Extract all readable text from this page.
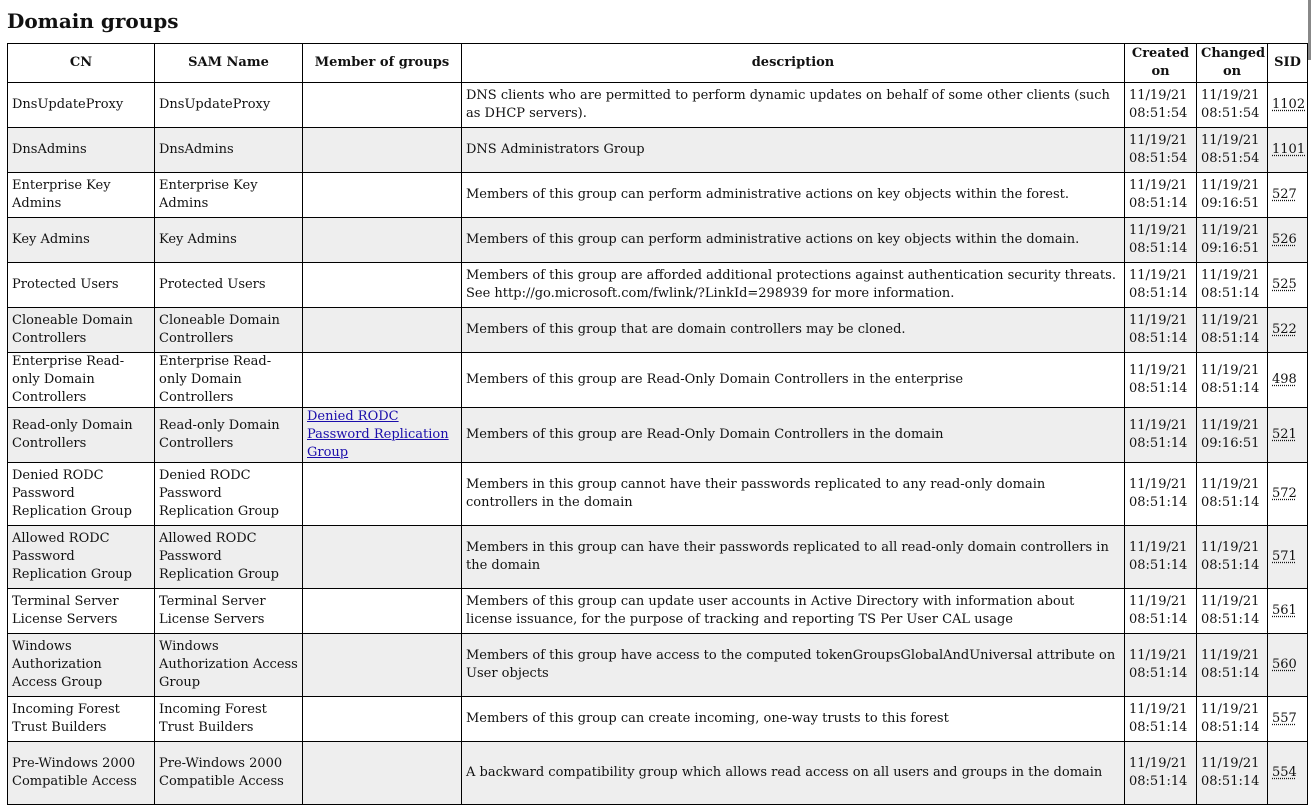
Domain groups
CN	SAM Name	Member of groups	description	Created on	Changed on	SID
DnsUpdateProxy	DnsUpdateProxy		DNS clients who are permitted to perform dynamic updates on behalf of some other clients (such as DHCP servers).	11/19/21 08:51:54	11/19/21 08:51:54	1102
DnsAdmins	DnsAdmins		DNS Administrators Group	11/19/21 08:51:54	11/19/21 08:51:54	1101
Enterprise Key Admins	Enterprise Key Admins		Members of this group can perform administrative actions on key objects within the forest.	11/19/21 08:51:14	11/19/21 09:16:51	527
Key Admins	Key Admins		Members of this group can perform administrative actions on key objects within the domain.	11/19/21 08:51:14	11/19/21 09:16:51	526
Protected Users	Protected Users		Members of this group are afforded additional protections against authentication security threats. See http://go.microsoft.com/fwlink/?LinkId=298939 for more information.	11/19/21 08:51:14	11/19/21 08:51:14	525
Cloneable Domain Controllers	Cloneable Domain Controllers		Members of this group that are domain controllers may be cloned.	11/19/21 08:51:14	11/19/21 08:51:14	522
Enterprise Read-only Domain Controllers	Enterprise Read-only Domain Controllers		Members of this group are Read-Only Domain Controllers in the enterprise	11/19/21 08:51:14	11/19/21 08:51:14	498
Read-only Domain Controllers	Read-only Domain Controllers	Denied RODC Password Replication Group	Members of this group are Read-Only Domain Controllers in the domain	11/19/21 08:51:14	11/19/21 09:16:51	521
Denied RODC Password Replication Group	Denied RODC Password Replication Group		Members in this group cannot have their passwords replicated to any read-only domain controllers in the domain	11/19/21 08:51:14	11/19/21 08:51:14	572
Allowed RODC Password Replication Group	Allowed RODC Password Replication Group		Members in this group can have their passwords replicated to all read-only domain controllers in the domain	11/19/21 08:51:14	11/19/21 08:51:14	571
Terminal Server License Servers	Terminal Server License Servers		Members of this group can update user accounts in Active Directory with information about license issuance, for the purpose of tracking and reporting TS Per User CAL usage	11/19/21 08:51:14	11/19/21 08:51:14	561
Windows Authorization Access Group	Windows Authorization Access Group		Members of this group have access to the computed tokenGroupsGlobalAndUniversal attribute on User objects	11/19/21 08:51:14	11/19/21 08:51:14	560
Incoming Forest Trust Builders	Incoming Forest Trust Builders		Members of this group can create incoming, one-way trusts to this forest	11/19/21 08:51:14	11/19/21 08:51:14	557
Pre-Windows 2000 Compatible Access	Pre-Windows 2000 Compatible Access		A backward compatibility group which allows read access on all users and groups in the domain	11/19/21 08:51:14	11/19/21 08:51:14	554
